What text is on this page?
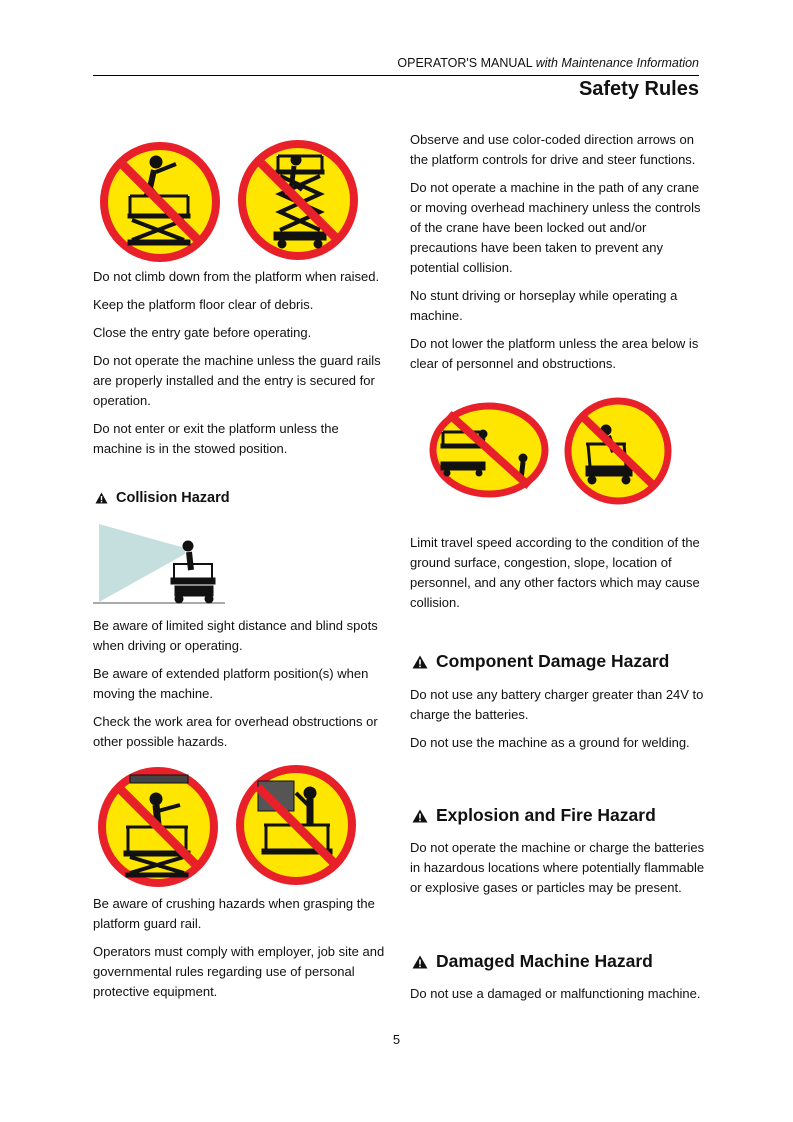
OPERATOR'S MANUAL with Maintenance Information
Safety Rules

Do not climb down from the platform when raised.

Keep the platform floor clear of debris.

Close the entry gate before operating.

Do not operate the machine unless the guard rails are properly installed and the entry is secured for operation.

Do not enter or exit the platform unless the machine is in the stowed position.

Collision Hazard

Be aware of limited sight distance and blind spots when driving or operating.

Be aware of extended platform position(s) when moving the machine.

Check the work area for overhead obstructions or other possible hazards.

Be aware of crushing hazards when grasping the platform guard rail.

Operators must comply with employer, job site and governmental rules regarding use of personal protective equipment.

Observe and use color-coded direction arrows on the platform controls for drive and steer functions.

Do not operate a machine in the path of any crane or moving overhead machinery unless the controls of the crane have been locked out and/or precautions have been taken to prevent any potential collision.

No stunt driving or horseplay while operating a machine.

Do not lower the platform unless the area below is clear of personnel and obstructions.

Limit travel speed according to the condition of the ground surface, congestion, slope, location of personnel, and any other factors which may cause collision.

Component Damage Hazard

Do not use any battery charger greater than 24V to charge the batteries.

Do not use the machine as a ground for welding.

Explosion and Fire Hazard

Do not operate the machine or charge the batteries in hazardous locations where potentially flammable or explosive gases or particles may be present.

Damaged Machine Hazard

Do not use a damaged or malfunctioning machine.

5
